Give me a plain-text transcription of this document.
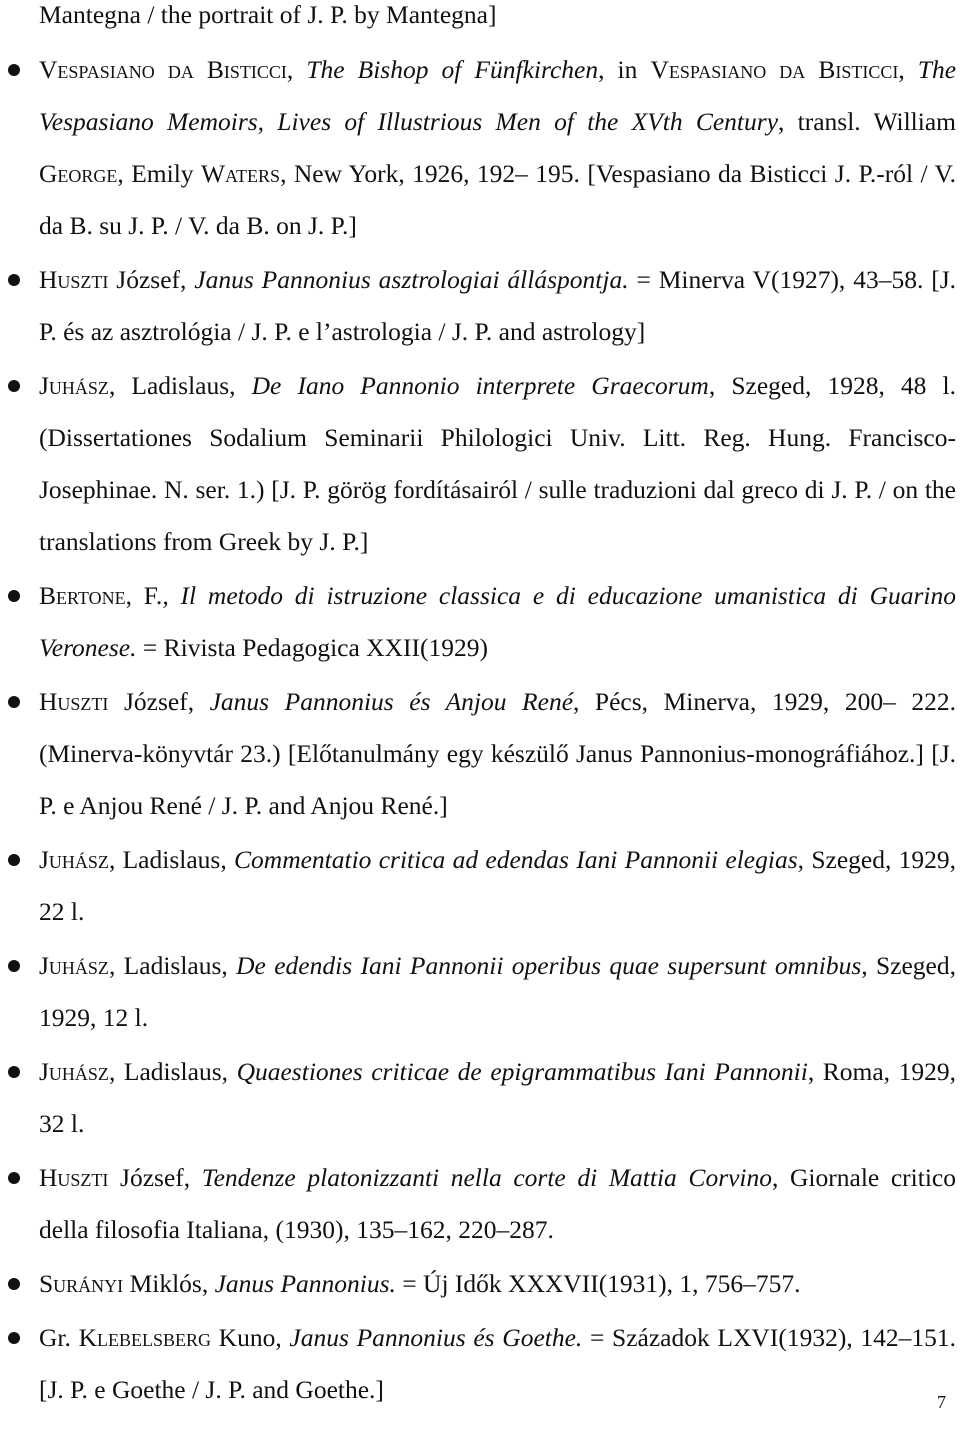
Mantegna / the portrait of J. P. by Mantegna]
Vespasiano da Bisticci, The Bishop of Fünfkirchen, in Vespasiano da Bisticci, The Vespasiano Memoirs, Lives of Illustrious Men of the XVth Century, transl. William George, Emily Waters, New York, 1926, 192– 195. [Vespasiano da Bisticci J. P.-ról / V. da B. su J. P. / V. da B. on J. P.]
Huszti József, Janus Pannonius asztrologiai álláspontja. = Minerva V(1927), 43–58. [J. P. és az asztrológia / J. P. e l’astrologia / J. P. and astrology]
Juhász, Ladislaus, De Iano Pannonio interprete Graecorum, Szeged, 1928, 48 l. (Dissertationes Sodalium Seminarii Philologici Univ. Litt. Reg. Hung. Francisco-Josephinae. N. ser. 1.) [J. P. görög fordításairól / sulle traduzioni dal greco di J. P. / on the translations from Greek by J. P.]
Bertone, F., Il metodo di istruzione classica e di educazione umanistica di Guarino Veronese. = Rivista Pedagogica XXII(1929)
Huszti József, Janus Pannonius és Anjou René, Pécs, Minerva, 1929, 200– 222. (Minerva-könyvtár 23.) [Előtanulmány egy készülő Janus Pannonius-monográfiához.] [J. P. e Anjou René / J. P. and Anjou René.]
Juhász, Ladislaus, Commentatio critica ad edendas Iani Pannonii elegias, Szeged, 1929, 22 l.
Juhász, Ladislaus, De edendis Iani Pannonii operibus quae supersunt omnibus, Szeged, 1929, 12 l.
Juhász, Ladislaus, Quaestiones criticae de epigrammatibus Iani Pannonii, Roma, 1929, 32 l.
Huszti József, Tendenze platonizzanti nella corte di Mattia Corvino, Giornale critico della filosofia Italiana, (1930), 135–162, 220–287.
Surányi Miklós, Janus Pannonius. = Új Idők XXXVII(1931), 1, 756–757.
Gr. Klebelsberg Kuno, Janus Pannonius és Goethe. = Századok LXVI(1932), 142–151. [J. P. e Goethe / J. P. and Goethe.]	7
